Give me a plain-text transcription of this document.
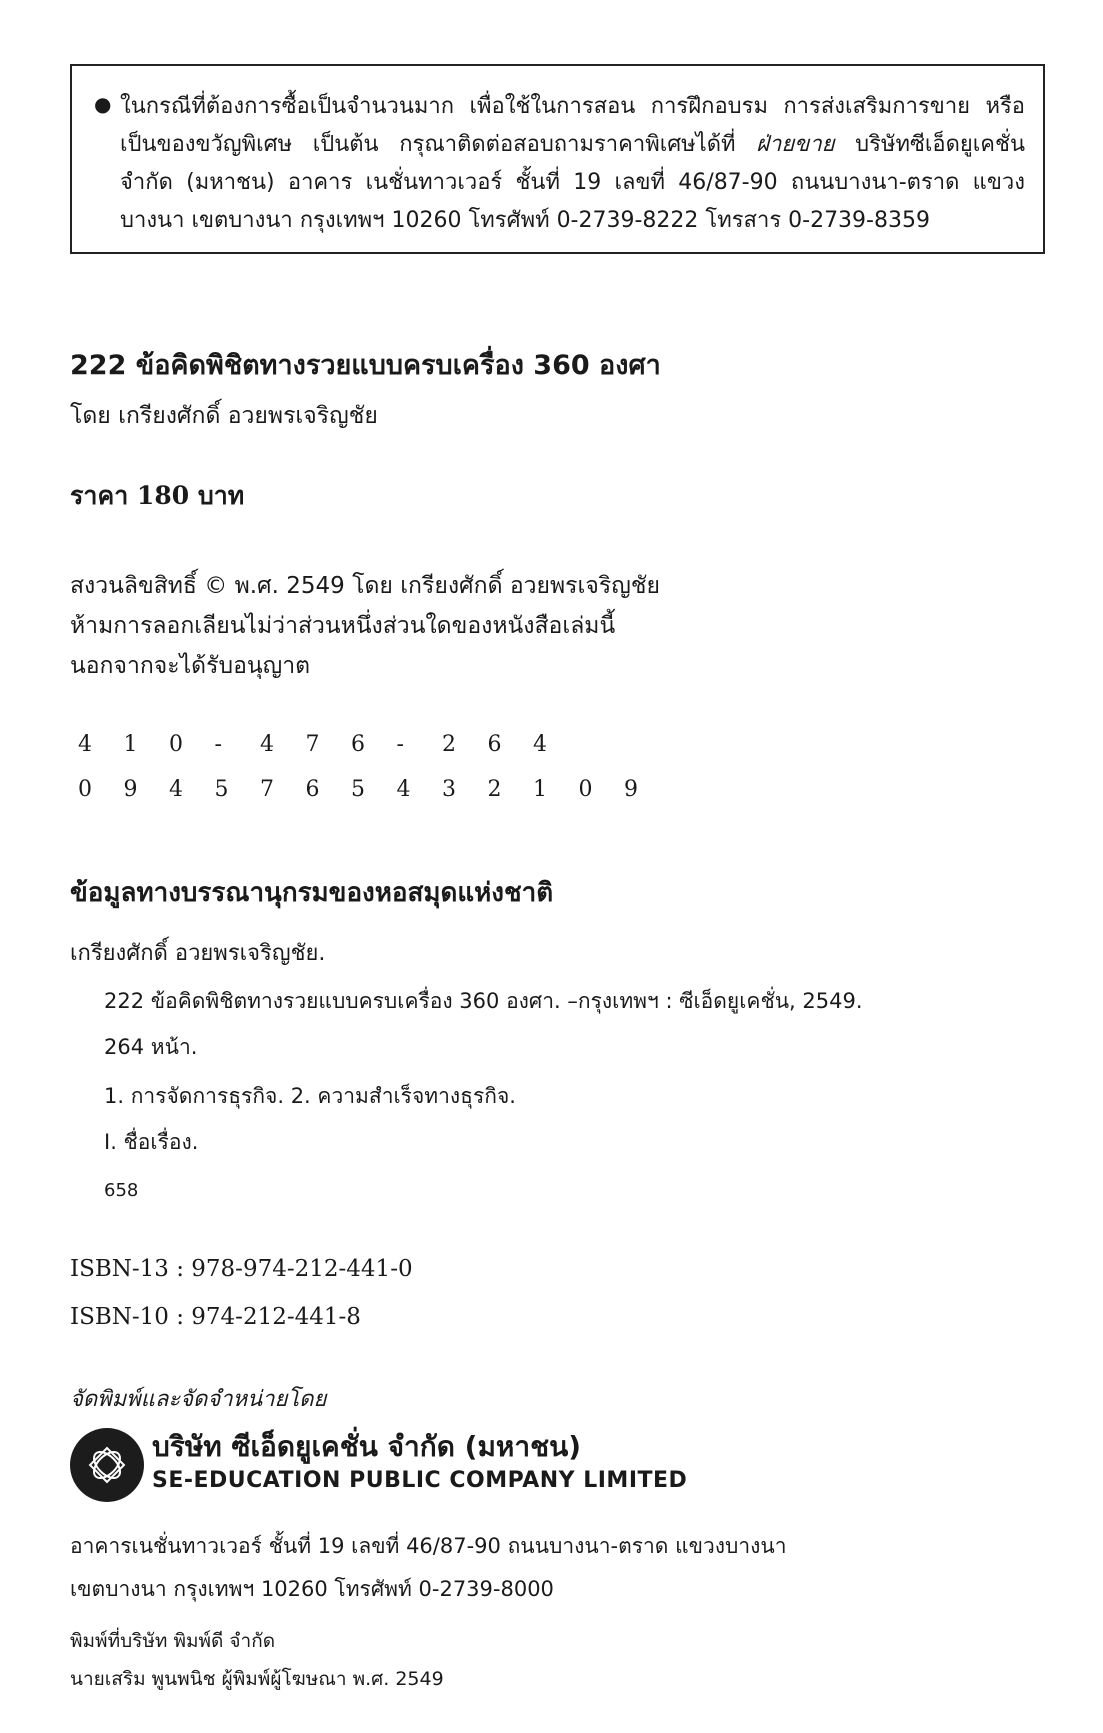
● ในกรณีที่ต้องการซื้อเป็นจำนวนมาก เพื่อใช้ในการสอน การฝึกอบรม การส่งเสริมการขาย หรือเป็นของขวัญพิเศษ เป็นต้น กรุณาติดต่อสอบถามราคาพิเศษได้ที่ ฝ่ายขาย บริษัทซีเอ็ดยูเคชั่น จำกัด (มหาชน) อาคาร เนชั่นทาวเวอร์ ชั้นที่ 19 เลขที่ 46/87-90 ถนนบางนา-ตราด แขวงบางนา เขตบางนา กรุงเทพฯ 10260 โทรศัพท์ 0-2739-8222 โทรสาร 0-2739-8359
222 ข้อคิดพิชิตทางรวยแบบครบเครื่อง 360 องศา
โดย เกรียงศักดิ์ อวยพรเจริญชัย
ราคา 180 บาท
สงวนลิขสิทธิ์ © พ.ศ. 2549 โดย เกรียงศักดิ์ อวยพรเจริญชัย
ห้ามการลอกเลียนไม่ว่าส่วนหนึ่งส่วนใดของหนังสือเล่มนี้
นอกจากจะได้รับอนุญาต
4	1	0	-	4	7	6	-	2	6	4
0	9	4	5	7	6	5	4	3	2	1	0	9
ข้อมูลทางบรรณานุกรมของหอสมุดแห่งชาติ
เกรียงศักดิ์ อวยพรเจริญชัย.
222 ข้อคิดพิชิตทางรวยแบบครบเครื่อง 360 องศา. –กรุงเทพฯ : ซีเอ็ดยูเคชั่น, 2549.
264 หน้า.
1. การจัดการธุรกิจ. 2. ความสำเร็จทางธุรกิจ.
I. ชื่อเรื่อง.
658
ISBN-13 : 978-974-212-441-0
ISBN-10 : 974-212-441-8
จัดพิมพ์และจัดจำหน่ายโดย
บริษัท ซีเอ็ดยูเคชั่น จำกัด (มหาชน)
SE-EDUCATION PUBLIC COMPANY LIMITED
อาคารเนชั่นทาวเวอร์ ชั้นที่ 19 เลขที่ 46/87-90 ถนนบางนา-ตราด แขวงบางนา
เขตบางนา กรุงเทพฯ 10260 โทรศัพท์ 0-2739-8000
พิมพ์ที่บริษัท พิมพ์ดี จำกัด
นายเสริม พูนพนิช ผู้พิมพ์ผู้โฆษณา พ.ศ. 2549
